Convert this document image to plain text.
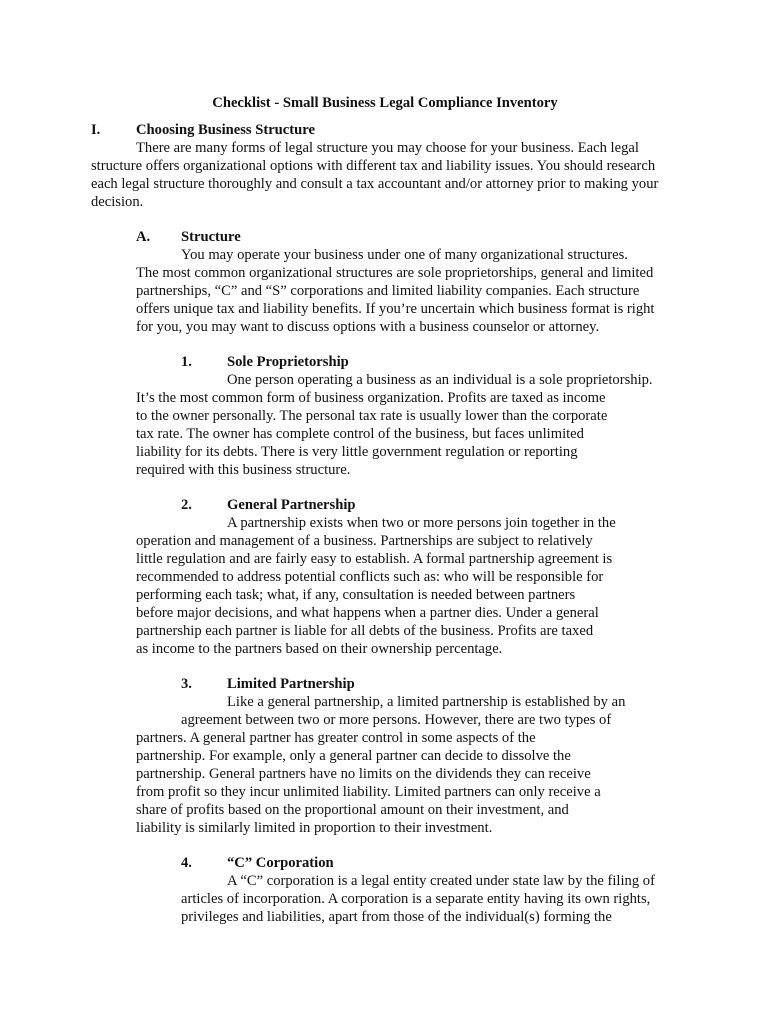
Checklist - Small Business Legal Compliance Inventory
I. Choosing Business Structure
There are many forms of legal structure you may choose for your business. Each legal
structure offers organizational options with different tax and liability issues. You should research
each legal structure thoroughly and consult a tax accountant and/or attorney prior to making your
decision.
A. Structure
You may operate your business under one of many organizational structures.
The most common organizational structures are sole proprietorships, general and limited
partnerships, “C” and “S” corporations and limited liability companies. Each structure
offers unique tax and liability benefits. If you’re uncertain which business format is right
for you, you may want to discuss options with a business counselor or attorney.
1. Sole Proprietorship
One person operating a business as an individual is a sole proprietorship.
It’s the most common form of business organization. Profits are taxed as income
to the owner personally. The personal tax rate is usually lower than the corporate
tax rate. The owner has complete control of the business, but faces unlimited
liability for its debts. There is very little government regulation or reporting
required with this business structure.
2. General Partnership
A partnership exists when two or more persons join together in the
operation and management of a business. Partnerships are subject to relatively
little regulation and are fairly easy to establish. A formal partnership agreement is
recommended to address potential conflicts such as: who will be responsible for
performing each task; what, if any, consultation is needed between partners
before major decisions, and what happens when a partner dies. Under a general
partnership each partner is liable for all debts of the business. Profits are taxed
as income to the partners based on their ownership percentage.
3. Limited Partnership
Like a general partnership, a limited partnership is established by an
agreement between two or more persons. However, there are two types of
partners. A general partner has greater control in some aspects of the
partnership. For example, only a general partner can decide to dissolve the
partnership. General partners have no limits on the dividends they can receive
from profit so they incur unlimited liability. Limited partners can only receive a
share of profits based on the proportional amount on their investment, and
liability is similarly limited in proportion to their investment.
4. “C” Corporation
A “C” corporation is a legal entity created under state law by the filing of
articles of incorporation. A corporation is a separate entity having its own rights,
privileges and liabilities, apart from those of the individual(s) forming the
